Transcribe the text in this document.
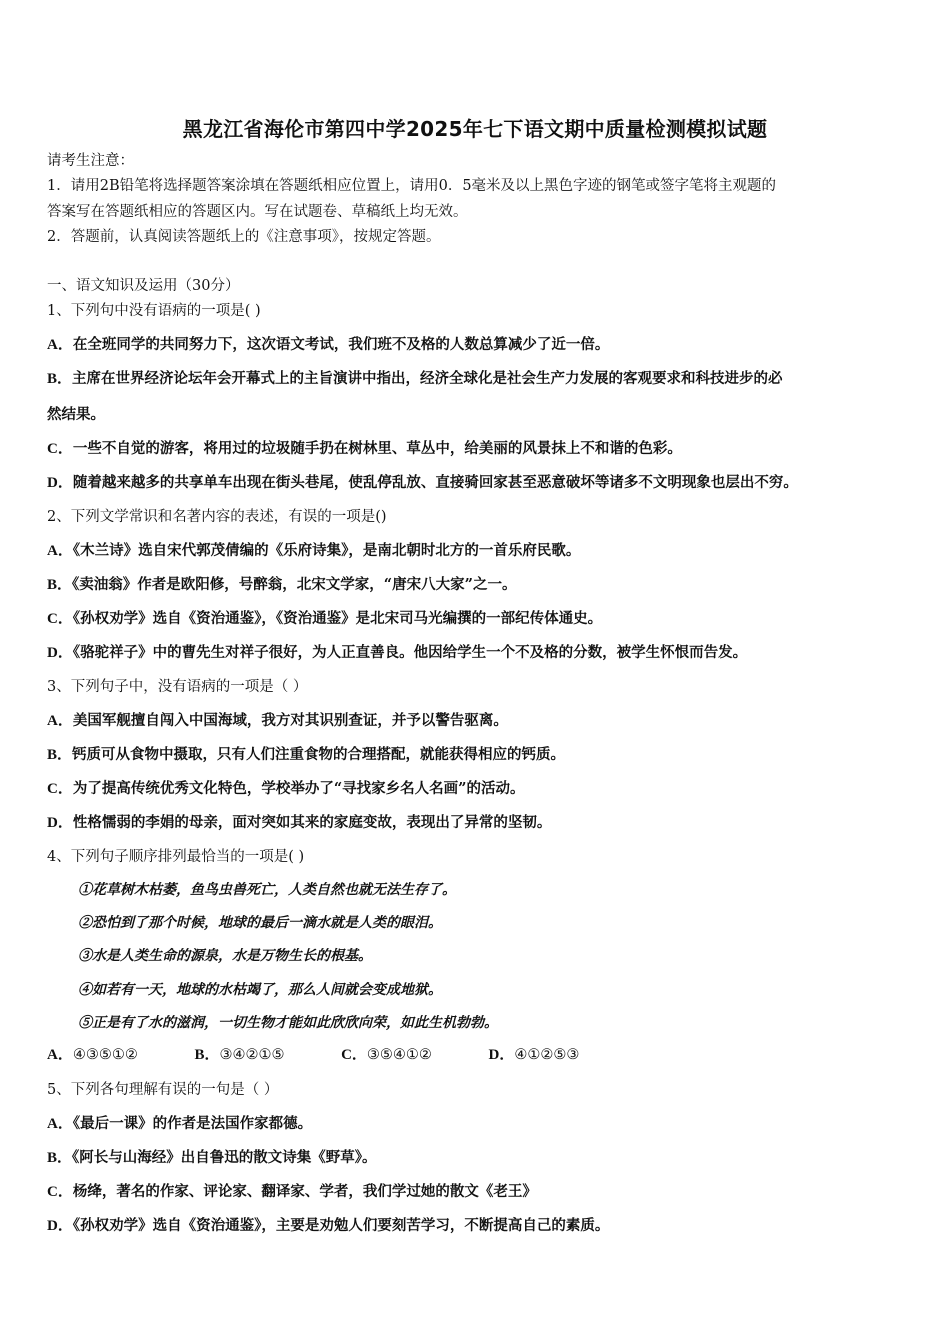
黑龙江省海伦市第四中学2025年七下语文期中质量检测模拟试题
请考生注意：
1．请用2B铅笔将选择题答案涂填在答题纸相应位置上，请用0．5毫米及以上黑色字迹的钢笔或签字笔将主观题的
答案写在答题纸相应的答题区内。写在试题卷、草稿纸上均无效。
2．答题前，认真阅读答题纸上的《注意事项》，按规定答题。
一、语文知识及运用（30分）
1、下列句中没有语病的一项是( )
A．在全班同学的共同努力下，这次语文考试，我们班不及格的人数总算减少了近一倍。
B．主席在世界经济论坛年会开幕式上的主旨演讲中指出，经济全球化是社会生产力发展的客观要求和科技进步的必
然结果。
C．一些不自觉的游客，将用过的垃圾随手扔在树林里、草丛中，给美丽的风景抹上不和谐的色彩。
D．随着越来越多的共享单车出现在街头巷尾，使乱停乱放、直接骑回家甚至恶意破坏等诸多不文明现象也层出不穷。
2、下列文学常识和名著内容的表述，有误的一项是()
A．《木兰诗》选自宋代郭茂倩编的《乐府诗集》，是南北朝时北方的一首乐府民歌。
B．《卖油翁》作者是欧阳修，号醉翁，北宋文学家，“唐宋八大家”之一。
C．《孙权劝学》选自《资治通鉴》，《资治通鉴》是北宋司马光编撰的一部纪传体通史。
D．《骆驼祥子》中的曹先生对祥子很好，为人正直善良。他因给学生一个不及格的分数，被学生怀恨而告发。
3、下列句子中，没有语病的一项是（ ）
A．美国军舰擅自闯入中国海域，我方对其识别查证，并予以警告驱离。
B．钙质可从食物中摄取，只有人们注重食物的合理搭配，就能获得相应的钙质。
C．为了提高传统优秀文化特色，学校举办了“寻找家乡名人名画”的活动。
D．性格懦弱的李娟的母亲，面对突如其来的家庭变故，表现出了异常的坚韧。
4、下列句子顺序排列最恰当的一项是( )
①花草树木枯萎，鱼鸟虫兽死亡，人类自然也就无法生存了。
②恐怕到了那个时候，地球的最后一滴水就是人类的眼泪。
③水是人类生命的源泉，水是万物生长的根基。
④如若有一天，地球的水枯竭了，那么人间就会变成地狱。
⑤正是有了水的滋润，一切生物才能如此欣欣向荣，如此生机勃勃。
A．④③⑤①②	B．③④②①⑤	C．③⑤④①②	D．④①②⑤③
5、下列各句理解有误的一句是（ ）
A．《最后一课》的作者是法国作家都德。
B．《阿长与山海经》出自鲁迅的散文诗集《野草》。
C．杨绛，著名的作家、评论家、翻译家、学者，我们学过她的散文《老王》
D．《孙权劝学》选自《资治通鉴》，主要是劝勉人们要刻苦学习，不断提高自己的素质。
